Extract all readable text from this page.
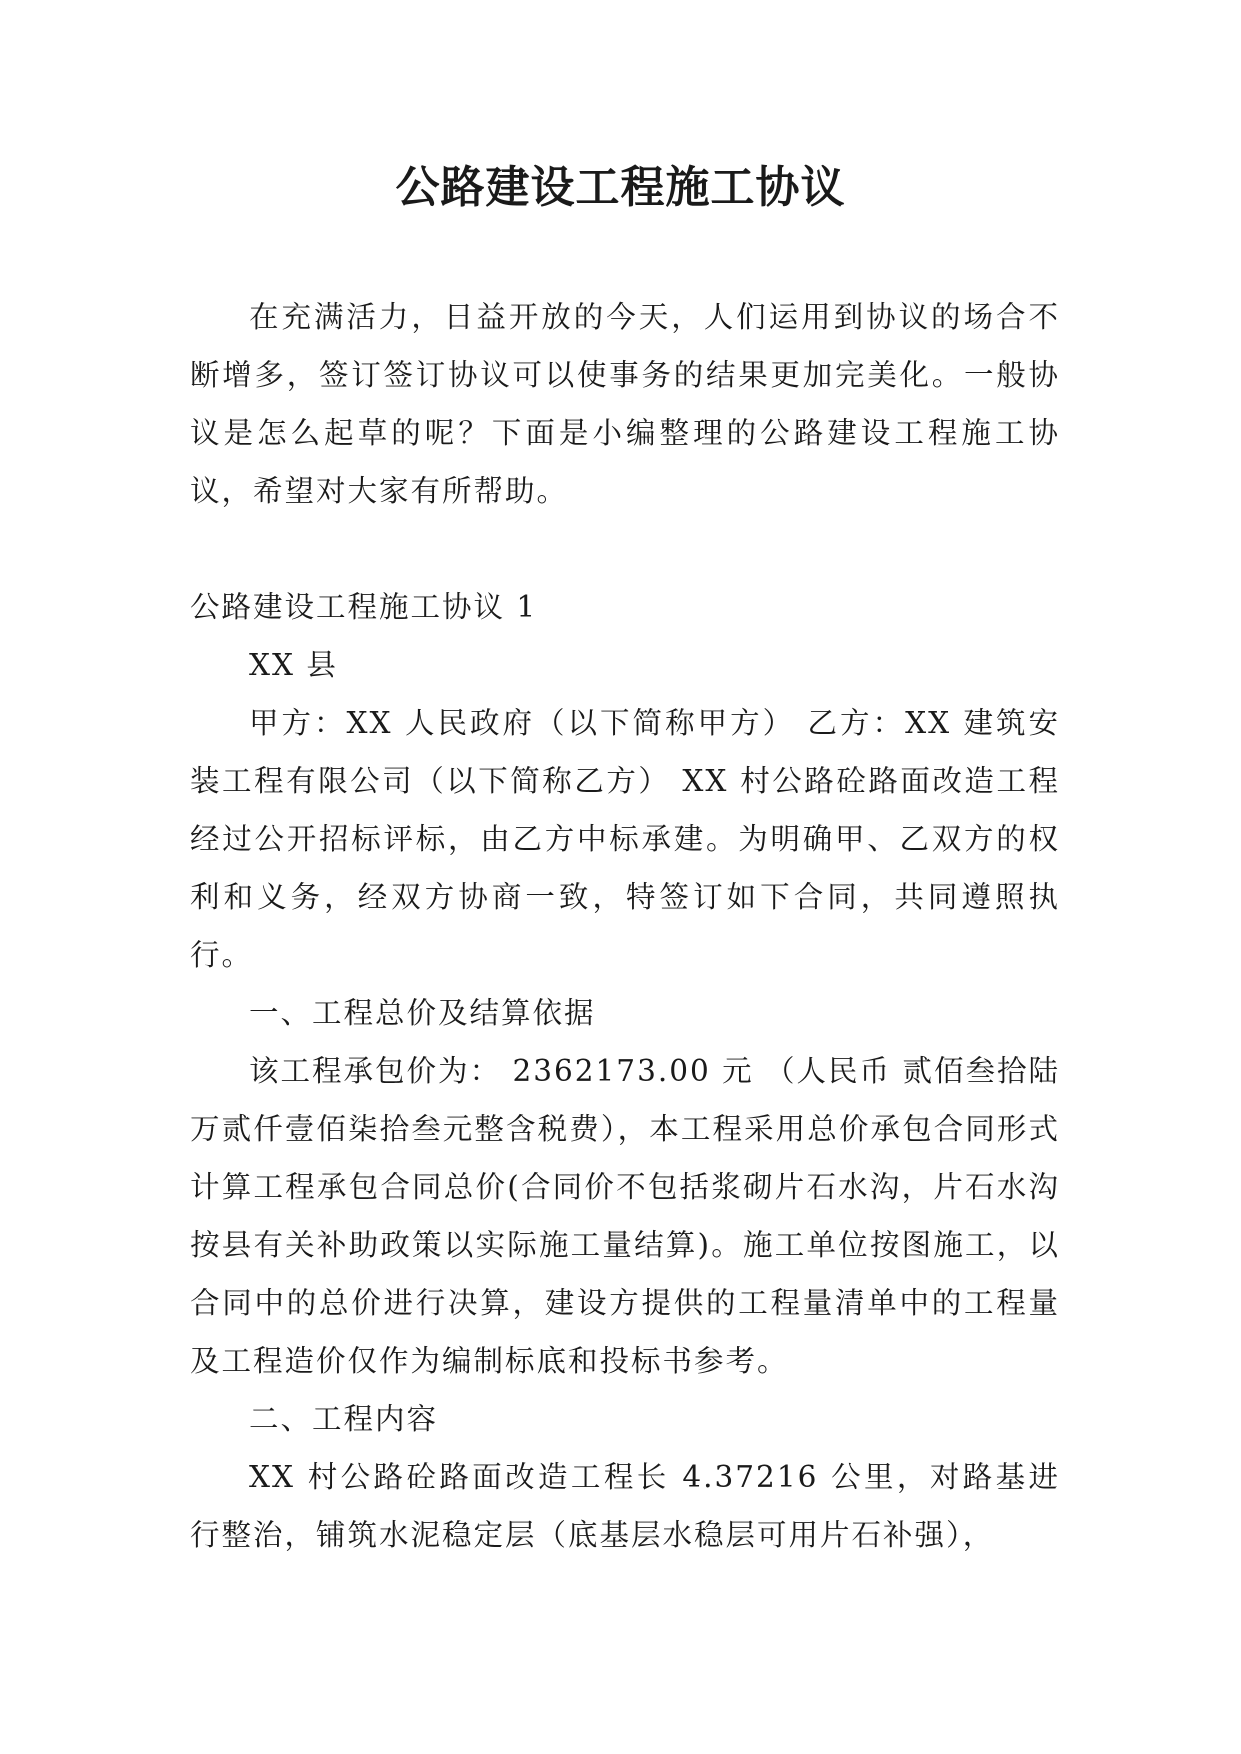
公路建设工程施工协议

在充满活力，日益开放的今天，人们运用到协议的场合不断增多，签订签订协议可以使事务的结果更加完美化。一般协议是怎么起草的呢？下面是小编整理的公路建设工程施工协议，希望对大家有所帮助。

公路建设工程施工协议 1

XX 县

甲方：XX 人民政府（以下简称甲方） 乙方：XX 建筑安装工程有限公司（以下简称乙方） XX 村公路砼路面改造工程经过公开招标评标，由乙方中标承建。为明确甲、乙双方的权利和义务，经双方协商一致，特签订如下合同，共同遵照执行。

一、工程总价及结算依据

该工程承包价为： 2362173.00 元 （人民币 贰佰叁拾陆万贰仟壹佰柒拾叁元整含税费），本工程采用总价承包合同形式计算工程承包合同总价(合同价不包括浆砌片石水沟，片石水沟按县有关补助政策以实际施工量结算)。施工单位按图施工，以合同中的总价进行决算，建设方提供的工程量清单中的工程量及工程造价仅作为编制标底和投标书参考。

二、工程内容

XX 村公路砼路面改造工程长 4.37216 公里，对路基进行整治，铺筑水泥稳定层（底基层水稳层可用片石补强），
